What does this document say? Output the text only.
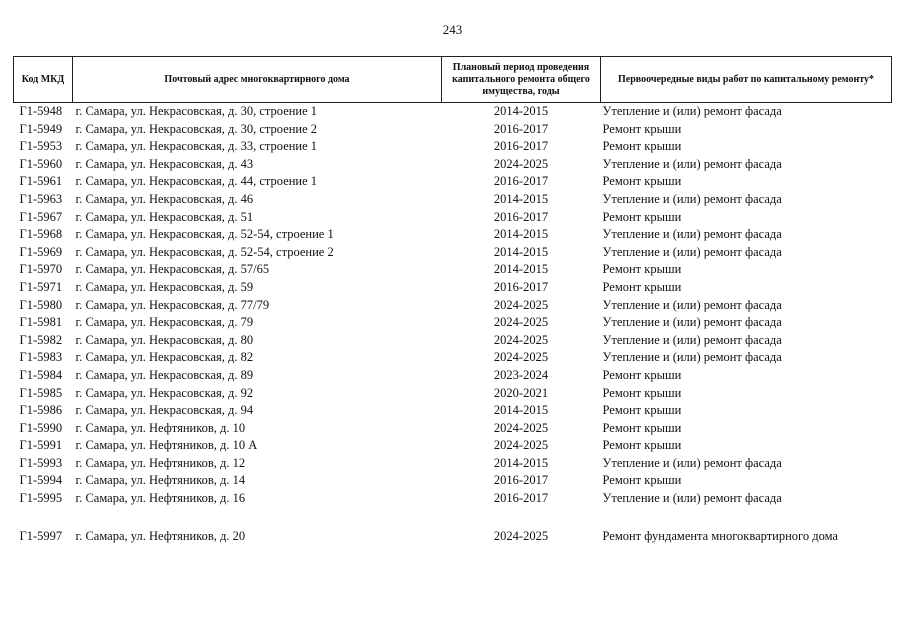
243
Код МКД	Почтовый адрес многоквартирного дома	Плановый период проведения капитального ремонта общего имущества, годы	Первоочередные виды работ по капитальному ремонту*
Г1-5948	г. Самара, ул. Некрасовская, д. 30, строение 1	2014-2015	Утепление и (или) ремонт фасада
Г1-5949	г. Самара, ул. Некрасовская, д. 30, строение 2	2016-2017	Ремонт крыши
Г1-5953	г. Самара, ул. Некрасовская, д. 33, строение 1	2016-2017	Ремонт крыши
Г1-5960	г. Самара, ул. Некрасовская, д. 43	2024-2025	Утепление и (или) ремонт фасада
Г1-5961	г. Самара, ул. Некрасовская, д. 44, строение 1	2016-2017	Ремонт крыши
Г1-5963	г. Самара, ул. Некрасовская, д. 46	2014-2015	Утепление и (или) ремонт фасада
Г1-5967	г. Самара, ул. Некрасовская, д. 51	2016-2017	Ремонт крыши
Г1-5968	г. Самара, ул. Некрасовская, д. 52-54, строение 1	2014-2015	Утепление и (или) ремонт фасада
Г1-5969	г. Самара, ул. Некрасовская, д. 52-54, строение 2	2014-2015	Утепление и (или) ремонт фасада
Г1-5970	г. Самара, ул. Некрасовская, д. 57/65	2014-2015	Ремонт крыши
Г1-5971	г. Самара, ул. Некрасовская, д. 59	2016-2017	Ремонт крыши
Г1-5980	г. Самара, ул. Некрасовская, д. 77/79	2024-2025	Утепление и (или) ремонт фасада
Г1-5981	г. Самара, ул. Некрасовская, д. 79	2024-2025	Утепление и (или) ремонт фасада
Г1-5982	г. Самара, ул. Некрасовская, д. 80	2024-2025	Утепление и (или) ремонт фасада
Г1-5983	г. Самара, ул. Некрасовская, д. 82	2024-2025	Утепление и (или) ремонт фасада
Г1-5984	г. Самара, ул. Некрасовская, д. 89	2023-2024	Ремонт крыши
Г1-5985	г. Самара, ул. Некрасовская, д. 92	2020-2021	Ремонт крыши
Г1-5986	г. Самара, ул. Некрасовская, д. 94	2014-2015	Ремонт крыши
Г1-5990	г. Самара, ул. Нефтяников, д. 10	2024-2025	Ремонт крыши
Г1-5991	г. Самара, ул. Нефтяников, д. 10 А	2024-2025	Ремонт крыши
Г1-5993	г. Самара, ул. Нефтяников, д. 12	2014-2015	Утепление и (или) ремонт фасада
Г1-5994	г. Самара, ул. Нефтяников, д. 14	2016-2017	Ремонт крыши
Г1-5995	г. Самара, ул. Нефтяников, д. 16	2016-2017	Утепление и (или) ремонт фасада

Г1-5997	г. Самара, ул. Нефтяников, д. 20	2024-2025	Ремонт фундамента многоквартирного дома
